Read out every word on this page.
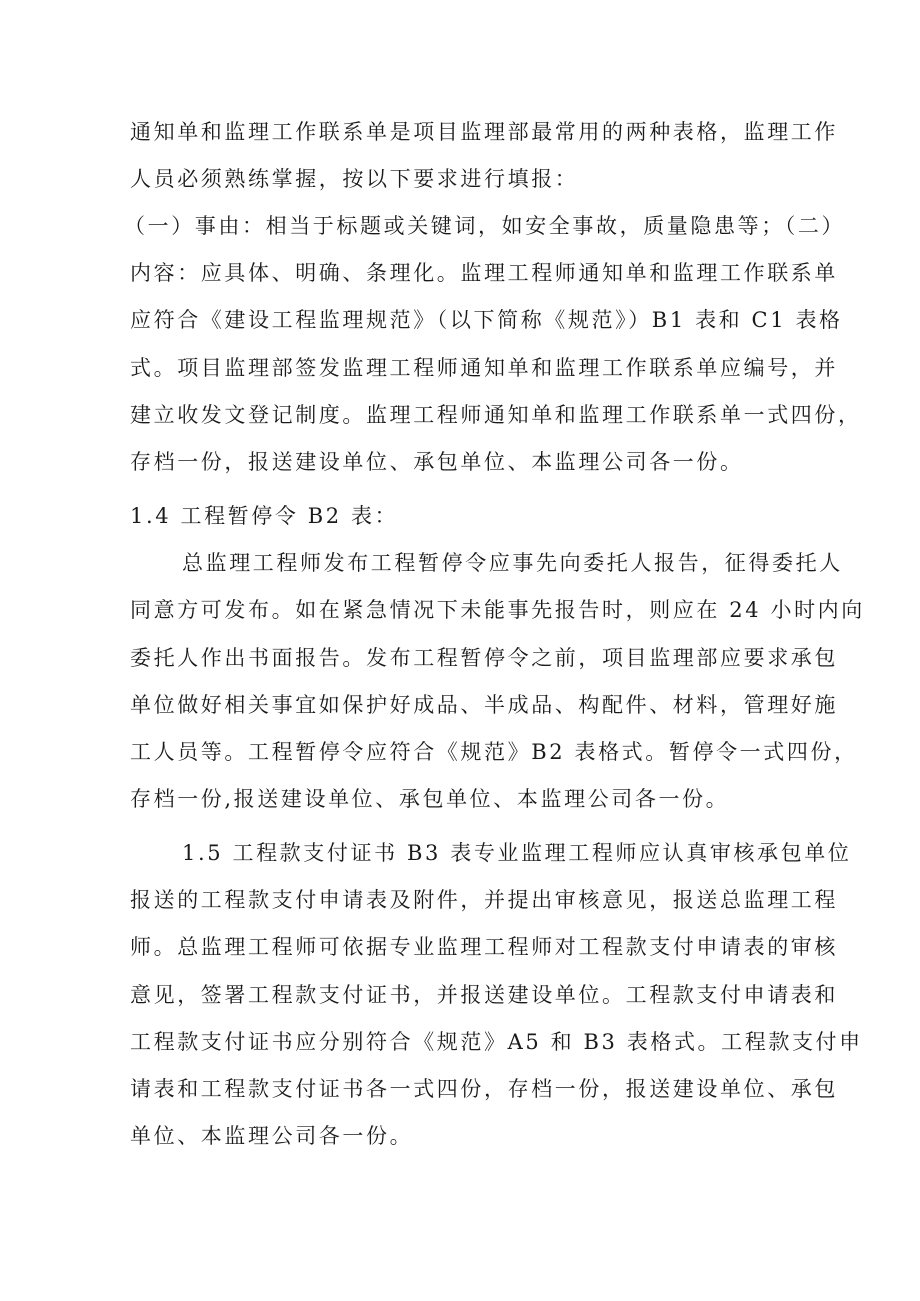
通知单和监理工作联系单是项目监理部最常用的两种表格，监理工作

人员必须熟练掌握，按以下要求进行填报：

（一）事由：相当于标题或关键词，如安全事故，质量隐患等；（二）

内容：应具体、明确、条理化。监理工程师通知单和监理工作联系单

应符合《建设工程监理规范》（以下简称《规范》）B1 表和 C1 表格

式。项目监理部签发监理工程师通知单和监理工作联系单应编号，并

建立收发文登记制度。监理工程师通知单和监理工作联系单一式四份，

存档一份，报送建设单位、承包单位、本监理公司各一份。

1.4 工程暂停令 B2 表：

总监理工程师发布工程暂停令应事先向委托人报告，征得委托人

同意方可发布。如在紧急情况下未能事先报告时，则应在 24 小时内向

委托人作出书面报告。发布工程暂停令之前，项目监理部应要求承包

单位做好相关事宜如保护好成品、半成品、构配件、材料，管理好施

工人员等。工程暂停令应符合《规范》B2 表格式。暂停令一式四份，

存档一份,报送建设单位、承包单位、本监理公司各一份。

1.5 工程款支付证书 B3 表专业监理工程师应认真审核承包单位

报送的工程款支付申请表及附件，并提出审核意见，报送总监理工程

师。总监理工程师可依据专业监理工程师对工程款支付申请表的审核

意见，签署工程款支付证书，并报送建设单位。工程款支付申请表和

工程款支付证书应分别符合《规范》A5 和 B3 表格式。工程款支付申

请表和工程款支付证书各一式四份，存档一份，报送建设单位、承包

单位、本监理公司各一份。
